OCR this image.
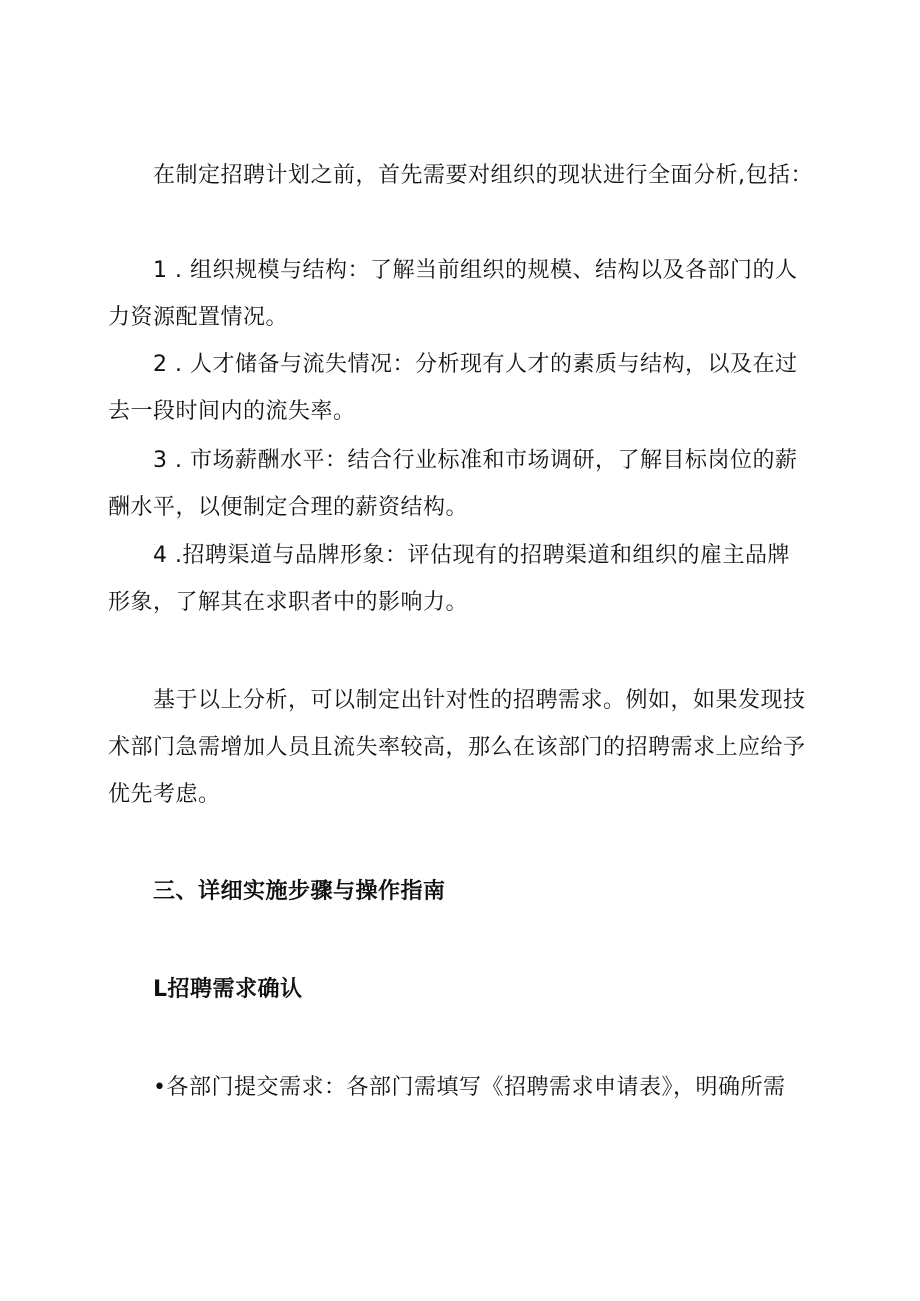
在制定招聘计划之前，首先需要对组织的现状进行全面分析,包括：
1 . 组织规模与结构：了解当前组织的规模、结构以及各部门的人
力资源配置情况。
2 . 人才储备与流失情况：分析现有人才的素质与结构，以及在过
去一段时间内的流失率。
3 . 市场薪酬水平：结合行业标准和市场调研，了解目标岗位的薪
酬水平，以便制定合理的薪资结构。
4 .招聘渠道与品牌形象：评估现有的招聘渠道和组织的雇主品牌
形象，了解其在求职者中的影响力。
基于以上分析，可以制定出针对性的招聘需求。例如，如果发现技
术部门急需增加人员且流失率较高，那么在该部门的招聘需求上应给予
优先考虑。
三、详细实施步骤与操作指南
L招聘需求确认
•各部门提交需求：各部门需填写《招聘需求申请表》，明确所需
